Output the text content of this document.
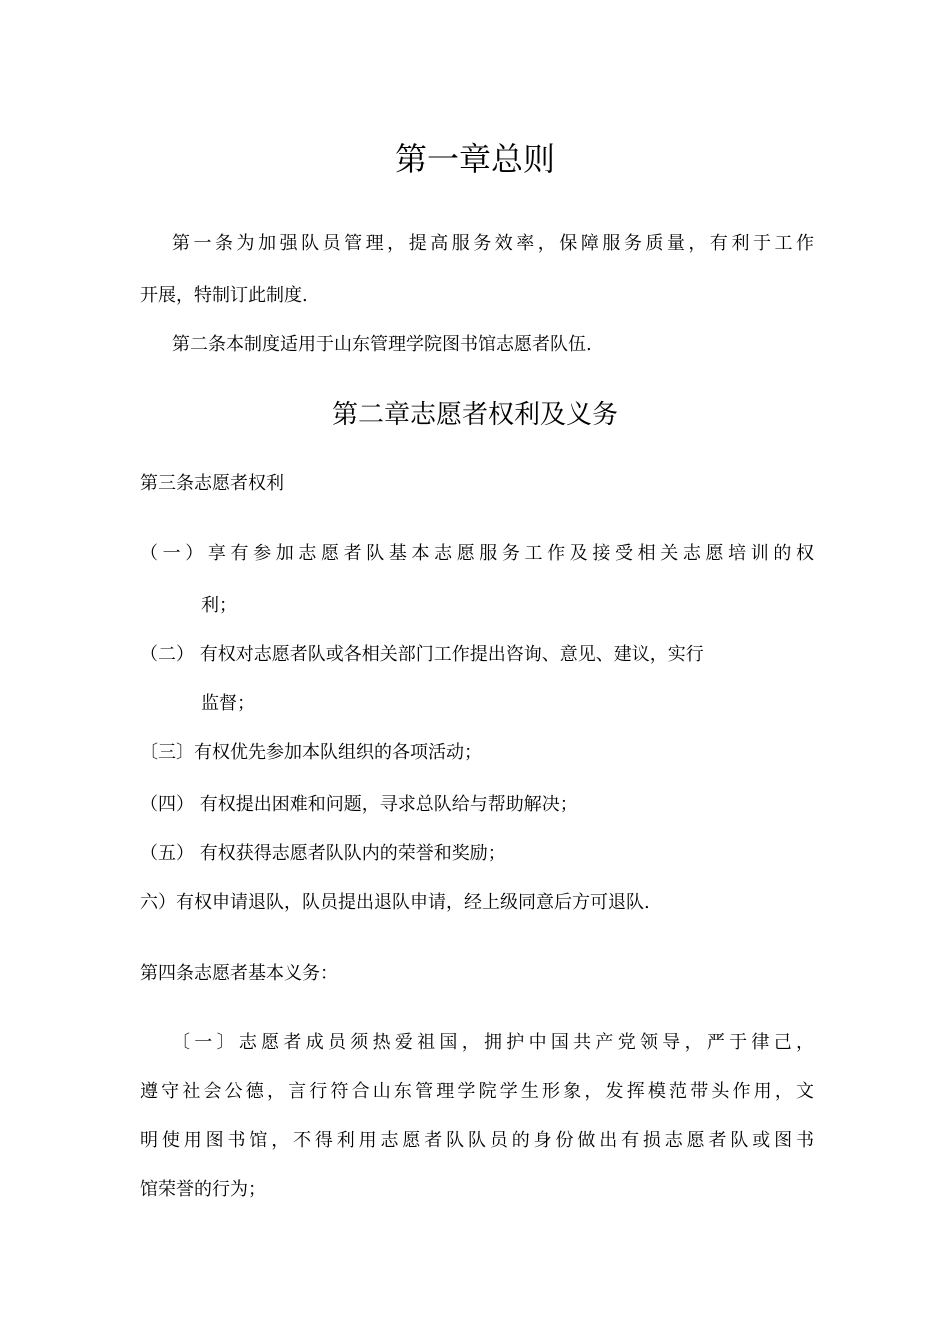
第一章总则
第一条为加强队员管理，提高服务效率，保障服务质量，有利于工作
开展，特制订此制度.
第二条本制度适用于山东管理学院图书馆志愿者队伍.
第二章志愿者权利及义务
第三条志愿者权利
（一）享有参加志愿者队基本志愿服务工作及接受相关志愿培训的权
利；
（二） 有权对志愿者队或各相关部门工作提出咨询、意见、建议，实行
监督；
〔三〕有权优先参加本队组织的各项活动；
（四） 有权提出困难和问题，寻求总队给与帮助解决；
（五） 有权获得志愿者队队内的荣誉和奖励；
六）有权申请退队，队员提出退队申请，经上级同意后方可退队.
第四条志愿者基本义务：
〔一〕志愿者成员须热爱祖国，拥护中国共产党领导，严于律己，
遵守社会公德，言行符合山东管理学院学生形象，发挥模范带头作用，文
明使用图书馆，不得利用志愿者队队员的身份做出有损志愿者队或图书
馆荣誉的行为；
